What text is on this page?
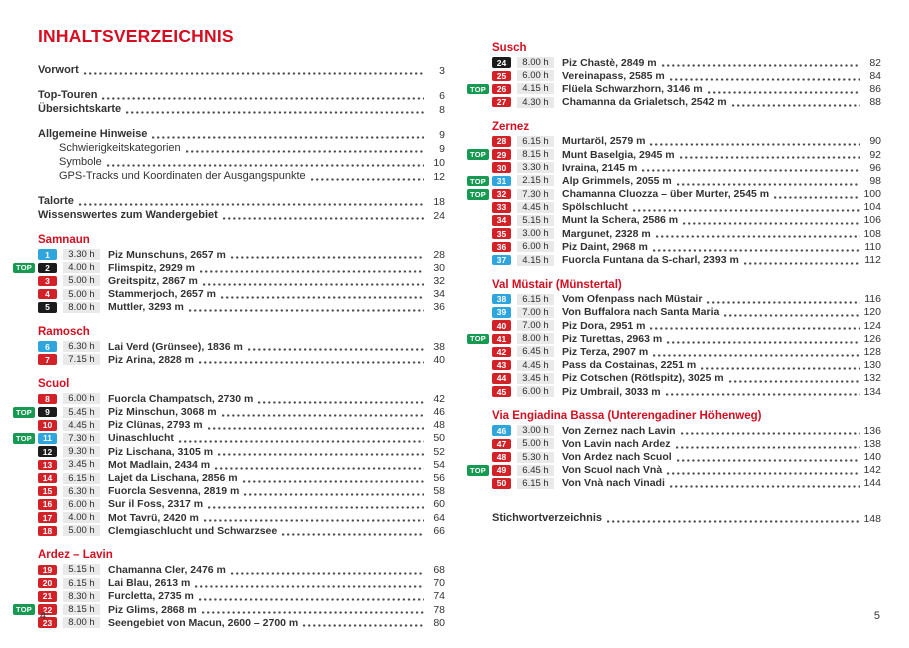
INHALTSVERZEICHNIS
Vorwort	3
Top-Touren	6
Übersichtskarte	8
Allgemeine Hinweise	9
Schwierigkeitskategorien	9
Symbole	10
GPS-Tracks und Koordinaten der Ausgangspunkte	12
Talorte	18
Wissenswertes zum Wandergebiet	24
Samnaun
1	3.30 h	Piz Munschuns, 2657 m	28
TOP	2	4.00 h	Flimspitz, 2929 m	30
3	5.00 h	Greitspitz, 2867 m	32
4	5.00 h	Stammerjoch, 2657 m	34
5	8.00 h	Muttler, 3293 m	36
Ramosch
6	6.30 h	Lai Verd (Grünsee), 1836 m	38
7	7.15 h	Piz Arina, 2828 m	40
Scuol
8	6.00 h	Fuorcla Champatsch, 2730 m	42
TOP	9	5.45 h	Piz Minschun, 3068 m	46
10	4.45 h	Piz Clünas, 2793 m	48
TOP	11	7.30 h	Uinaschlucht	50
12	9.30 h	Piz Lischana, 3105 m	52
13	3.45 h	Mot Madlain, 2434 m	54
14	6.15 h	Lajet da Lischana, 2856 m	56
15	6.30 h	Fuorcla Sesvenna, 2819 m	58
16	6.00 h	Sur il Foss, 2317 m	60
17	4.00 h	Mot Tavrü, 2420 m	64
18	5.00 h	Clemgiaschlucht und Schwarzsee	66
Ardez – Lavin
19	5.15 h	Chamanna Cler, 2476 m	68
20	6.15 h	Lai Blau, 2613 m	70
21	8.30 h	Furcletta, 2735 m	74
TOP	22	8.15 h	Piz Glims, 2868 m	78
23	8.00 h	Seengebiet von Macun, 2600 – 2700 m	80
Susch
24	8.00 h	Piz Chastè, 2849 m	82
25	6.00 h	Vereinapass, 2585 m	84
TOP	26	4.15 h	Flüela Schwarzhorn, 3146 m	86
27	4.30 h	Chamanna da Grialetsch, 2542 m	88
Zernez
28	6.15 h	Murtaröl, 2579 m	90
TOP	29	8.15 h	Munt Baselgia, 2945 m	92
30	3.30 h	Ivraina, 2145 m	96
TOP	31	2.15 h	Alp Grimmels, 2055 m	98
TOP	32	7.30 h	Chamanna Cluozza – über Murter, 2545 m	100
33	4.45 h	Spölschlucht	104
34	5.15 h	Munt la Schera, 2586 m	106
35	3.00 h	Margunet, 2328 m	108
36	6.00 h	Piz Daint, 2968 m	110
37	4.15 h	Fuorcla Funtana da S-charl, 2393 m	112
Val Müstair (Münstertal)
38	6.15 h	Vom Ofenpass nach Müstair	116
39	7.00 h	Von Buffalora nach Santa Maria	120
40	7.00 h	Piz Dora, 2951 m	124
TOP	41	8.00 h	Piz Turettas, 2963 m	126
42	6.45 h	Piz Terza, 2907 m	128
43	4.45 h	Pass da Costainas, 2251 m	130
44	3.45 h	Piz Cotschen (Rötlspitz), 3025 m	132
45	6.00 h	Piz Umbrail, 3033 m	134
Via Engiadina Bassa (Unterengadiner Höhenweg)
46	3.00 h	Von Zernez nach Lavin	136
47	5.00 h	Von Lavin nach Ardez	138
48	5.30 h	Von Ardez nach Scuol	140
TOP	49	6.45 h	Von Scuol nach Vnà	142
50	6.15 h	Von Vnà nach Vinadi	144
Stichwortverzeichnis	148
4	5
